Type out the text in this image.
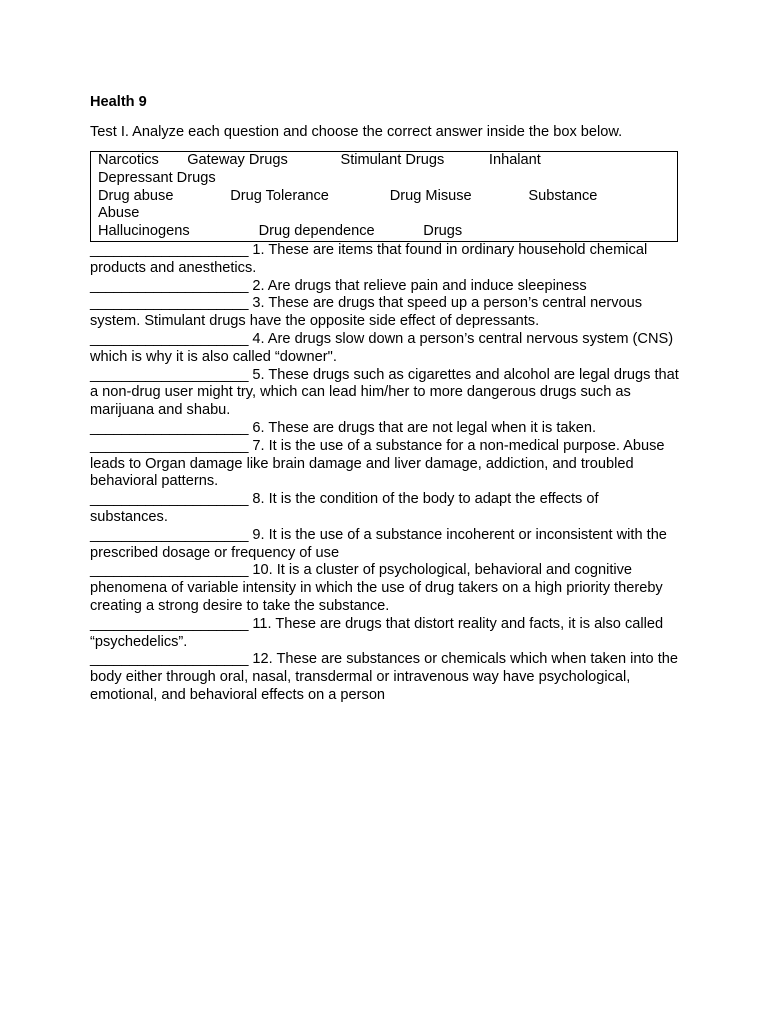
Health 9
Test I. Analyze each question and choose the correct answer inside the box below.
Narcotics       Gateway Drugs             Stimulant Drugs           Inhalant
Depressant Drugs
Drug abuse              Drug Tolerance               Drug Misuse              Substance
Abuse
Hallucinogens                 Drug dependence            Drugs
____________________ 1. These are items that found in ordinary household chemical products and anesthetics.
____________________ 2. Are drugs that relieve pain and induce sleepiness
____________________ 3. These are drugs that speed up a person’s central nervous system. Stimulant drugs have the opposite side effect of depressants.
____________________ 4. Are drugs slow down a person’s central nervous system (CNS) which is why it is also called “downer".
____________________ 5. These drugs such as cigarettes and alcohol are legal drugs that a non-drug user might try, which can lead him/her to more dangerous drugs such as marijuana and shabu.
____________________ 6. These are drugs that are not legal when it is taken.
____________________ 7. It is the use of a substance for a non-medical purpose. Abuse leads to Organ damage like brain damage and liver damage, addiction, and troubled behavioral patterns.
____________________ 8. It is the condition of the body to adapt the effects of substances.
____________________ 9. It is the use of a substance incoherent or inconsistent with the prescribed dosage or frequency of use
____________________ 10. It is a cluster of psychological, behavioral and cognitive phenomena of variable intensity in which the use of drug takers on a high priority thereby creating a strong desire to take the substance.
____________________ 11. These are drugs that distort reality and facts, it is also called “psychedelics”.
____________________ 12. These are substances or chemicals which when taken into the body either through oral, nasal, transdermal or intravenous way have psychological, emotional, and behavioral effects on a person
